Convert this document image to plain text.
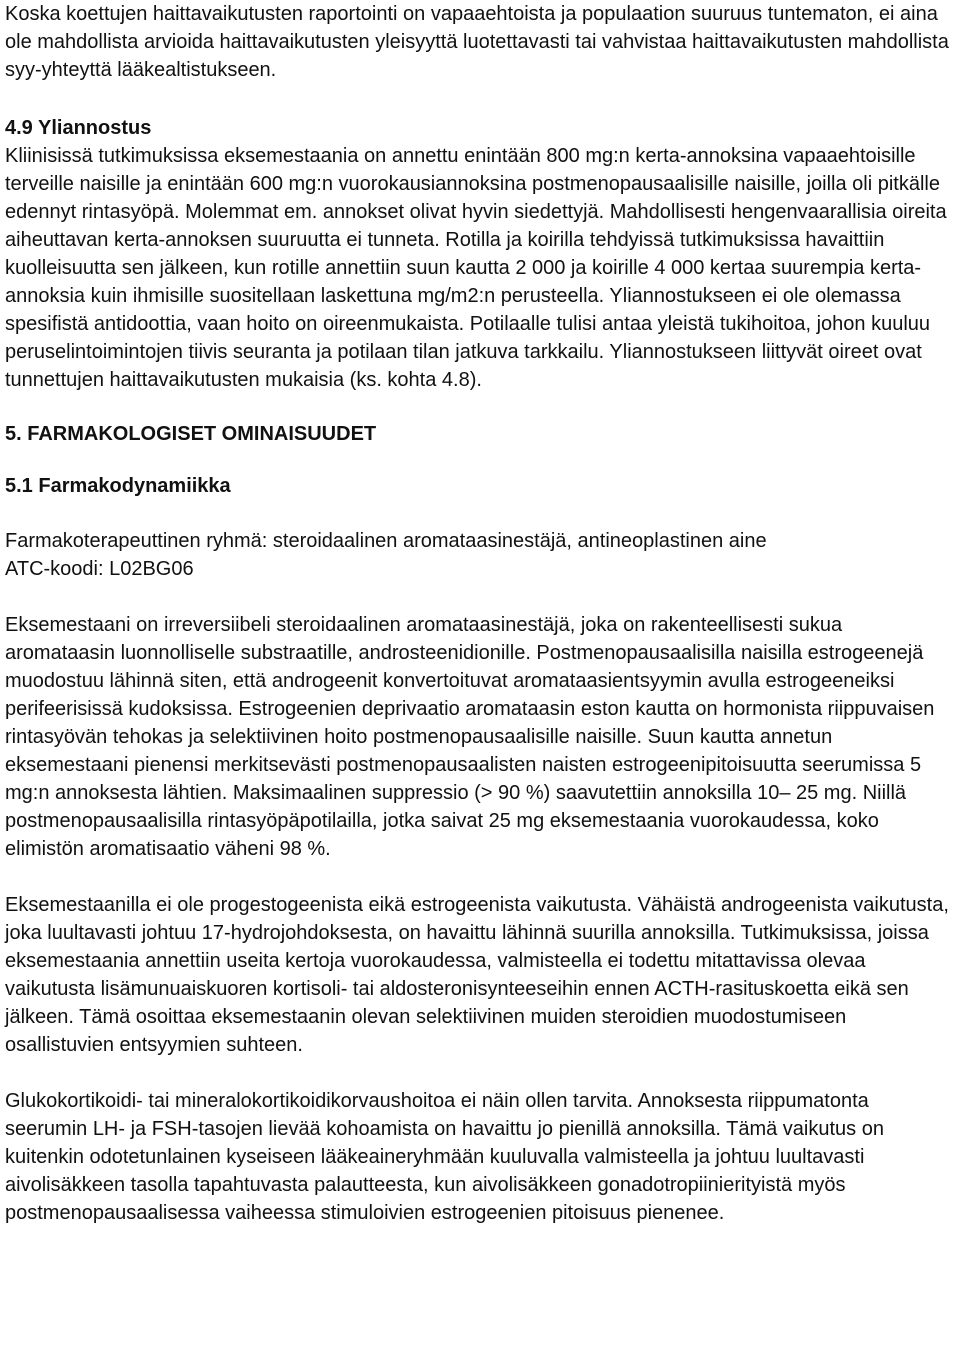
Koska koettujen haittavaikutusten raportointi on vapaaehtoista ja populaation suuruus tuntematon, ei aina ole mahdollista arvioida haittavaikutusten yleisyyttä luotettavasti tai vahvistaa haittavaikutusten mahdollista syy-yhteyttä lääkealtistukseen.

4.9 Yliannostus

Kliinisissä tutkimuksissa eksemestaania on annettu enintään 800 mg:n kerta-annoksina vapaaehtoisille terveille naisille ja enintään 600 mg:n vuorokausiannoksina postmenopausaalisille naisille, joilla oli pitkälle edennyt rintasyöpä. Molemmat em. annokset olivat hyvin siedettyjä. Mahdollisesti hengenvaarallisia oireita aiheuttavan kerta-annoksen suuruutta ei tunneta. Rotilla ja koirilla tehdyissä tutkimuksissa havaittiin kuolleisuutta sen jälkeen, kun rotille annettiin suun kautta 2 000 ja koirille 4 000 kertaa suurempia kerta-annoksia kuin ihmisille suositellaan laskettuna mg/m2:n perusteella. Yliannostukseen ei ole olemassa spesifistä antidoottia, vaan hoito on oireenmukaista. Potilaalle tulisi antaa yleistä tukihoitoa, johon kuuluu peruselintoimintojen tiivis seuranta ja potilaan tilan jatkuva tarkkailu. Yliannostukseen liittyvät oireet ovat tunnettujen haittavaikutusten mukaisia (ks. kohta 4.8).

5. FARMAKOLOGISET OMINAISUUDET

5.1 Farmakodynamiikka

Farmakoterapeuttinen ryhmä: steroidaalinen aromataasinestäjä, antineoplastinen aine

ATC-koodi: L02BG06

Eksemestaani on irreversiibeli steroidaalinen aromataasinestäjä, joka on rakenteellisesti sukua aromataasin luonnolliselle substraatille, androsteenidionille. Postmenopausaalisilla naisilla estrogeenejä muodostuu lähinnä siten, että androgeenit konvertoituvat aromataasientsyymin avulla estrogeeneiksi perifeerisissä kudoksissa. Estrogeenien deprivaatio aromataasin eston kautta on hormonista riippuvaisen rintasyövän tehokas ja selektiivinen hoito postmenopausaalisille naisille. Suun kautta annetun eksemestaani pienensi merkitsevästi postmenopausaalisten naisten estrogeenipitoisuutta seerumissa 5 mg:n annoksesta lähtien. Maksimaalinen suppressio (> 90 %) saavutettiin annoksilla 10– 25 mg. Niillä postmenopausaalisilla rintasyöpäpotilailla, jotka saivat 25 mg eksemestaania vuorokaudessa, koko elimistön aromatisaatio väheni 98 %.

Eksemestaanilla ei ole progestogeenista eikä estrogeenista vaikutusta. Vähäistä androgeenista vaikutusta, joka luultavasti johtuu 17-hydrojohdoksesta, on havaittu lähinnä suurilla annoksilla. Tutkimuksissa, joissa eksemestaania annettiin useita kertoja vuorokaudessa, valmisteella ei todettu mitattavissa olevaa vaikutusta lisämunuaiskuoren kortisoli- tai aldosteronisynteeseihin ennen ACTH-rasituskoetta eikä sen jälkeen. Tämä osoittaa eksemestaanin olevan selektiivinen muiden steroidien muodostumiseen osallistuvien entsyymien suhteen.

Glukokortikoidi- tai mineralokortikoidikorvaushoitoa ei näin ollen tarvita. Annoksesta riippumatonta seerumin LH- ja FSH-tasojen lievää kohoamista on havaittu jo pienillä annoksilla. Tämä vaikutus on kuitenkin odotetunlainen kyseiseen lääkeaineryhmään kuuluvalla valmisteella ja johtuu luultavasti aivolisäkkeen tasolla tapahtuvasta palautteesta, kun aivolisäkkeen gonadotropiinierityistä myös postmenopausaalisessa vaiheessa stimuloivien estrogeenien pitoisuus pienenee.
